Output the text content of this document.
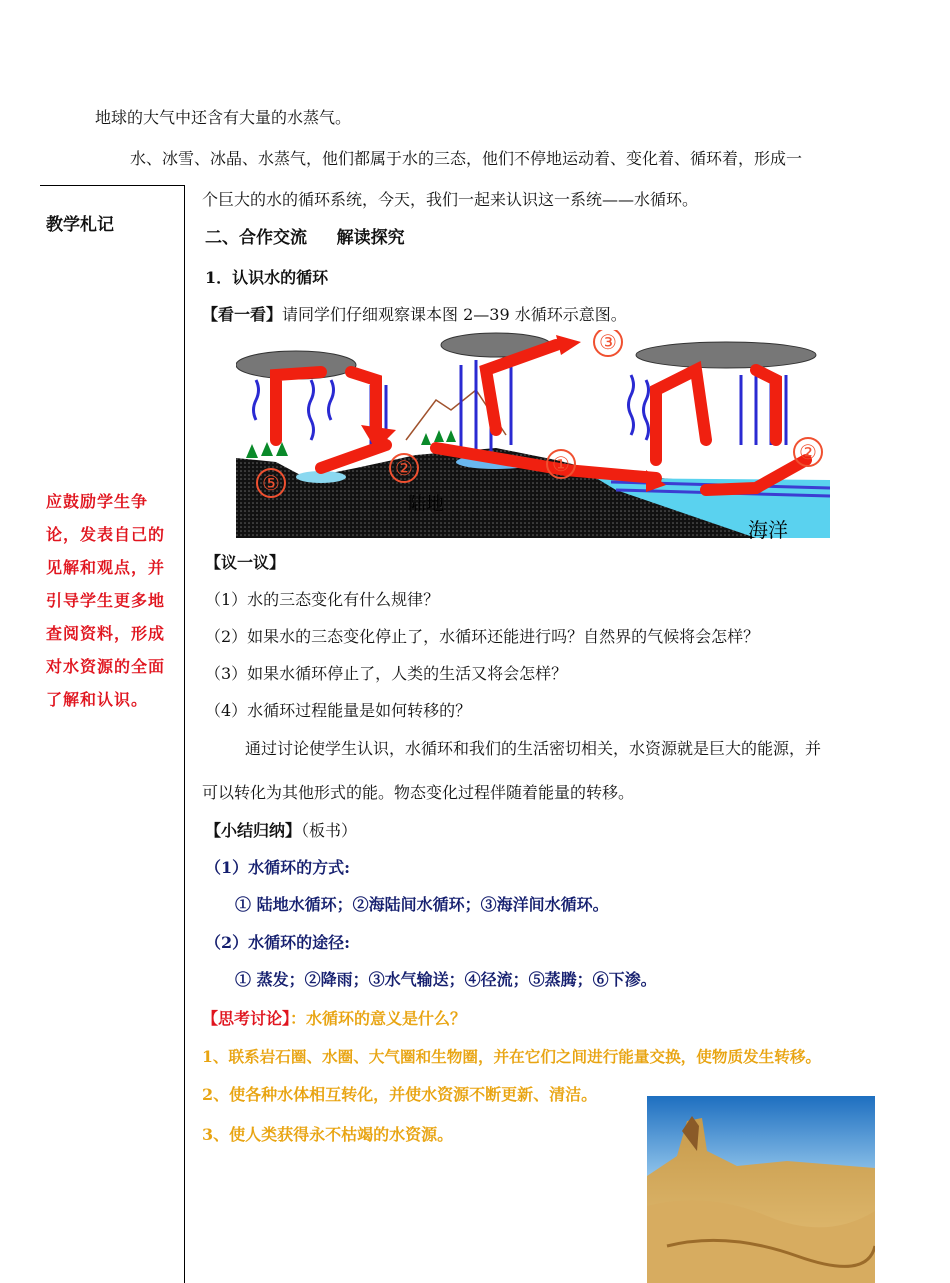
地球的大气中还含有大量的水蒸气。
水、冰雪、冰晶、水蒸气，他们都属于水的三态，他们不停地运动着、变化着、循环着，形成一
个巨大的水的循环系统，今天，我们一起来认识这一系统——水循环。
教学札记
应鼓励学生争论，发表自己的见解和观点，并引导学生更多地查阅资料，形成对水资源的全面了解和认识。
二、合作交流     解读探究
1．认识水的循环
【看一看】请同学们仔细观察课本图 2—39 水循环示意图。
①
②
③
⑤
②
陆地
海洋
【议一议】
（1）水的三态变化有什么规律？
（2）如果水的三态变化停止了，水循环还能进行吗？自然界的气候将会怎样？
（3）如果水循环停止了，人类的生活又将会怎样？
（4）水循环过程能量是如何转移的？
通过讨论使学生认识，水循环和我们的生活密切相关，水资源就是巨大的能源，并
可以转化为其他形式的能。物态变化过程伴随着能量的转移。
【小结归纳】（板书）
（1）水循环的方式:
① 陆地水循环；②海陆间水循环；③海洋间水循环。
（2）水循环的途径:
① 蒸发；②降雨；③水气输送；④径流；⑤蒸腾；⑥下渗。
【思考讨论】：水循环的意义是什么？
1、联系岩石圈、水圈、大气圈和生物圈，并在它们之间进行能量交换，使物质发生转移。
2、使各种水体相互转化，并使水资源不断更新、清洁。
3、使人类获得永不枯竭的水资源。
